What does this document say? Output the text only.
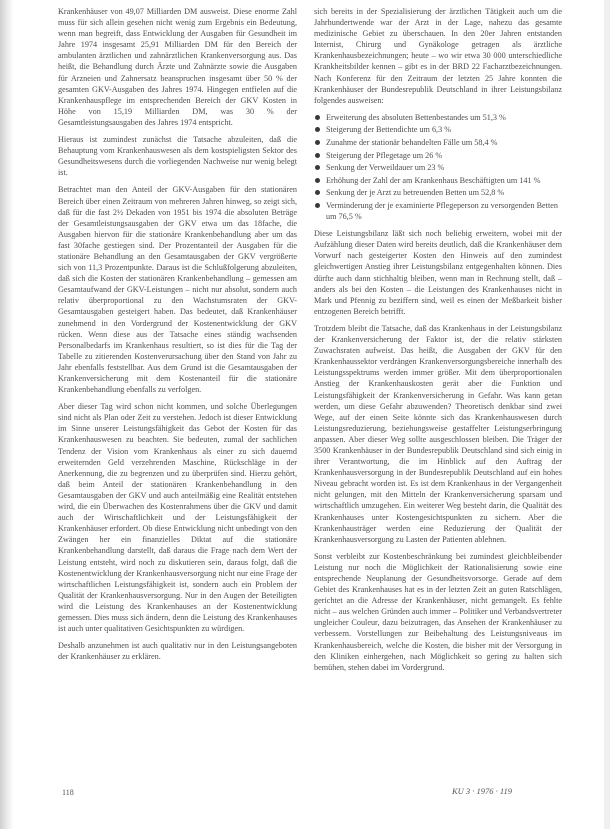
Krankenhäuser von 49,07 Milliarden DM ausweist. Diese enorme Zahl muss für sich allein gesehen nicht wenig zum Ergebnis ein Bedeutung, wenn man begreift, dass Entwicklung der Ausgaben für Gesundheit im Jahre 1974 insgesamt 25,91 Milliarden DM für den Bereich der ambulanten ärztlichen und zahnärztlichen Krankenversorgung aus. Das heißt, die Behandlung durch Ärzte und Zahnärzte sowie die Ausgaben für Arzneien und Zahnersatz beanspruchen insgesamt über 50 % der gesamten GKV-Ausgaben des Jahres 1974. Hingegen entfielen auf die Krankenhauspflege im entsprechenden Bereich der GKV Kosten in Höhe von 15,19 Milliarden DM, was 30 % der Gesamtleistungsausgaben des Jahres 1974 entspricht.

Hieraus ist zumindest zunächst die Tatsache abzuleiten, daß die Behauptung vom Krankenhauswesen als dem kostspieligsten Sektor des Gesundheitswesens durch die vorliegenden Nachweise nur wenig belegt ist.

Betrachtet man den Anteil der GKV-Ausgaben für den stationären Bereich über einen Zeitraum von mehreren Jahren hinweg, so zeigt sich, daß für die fast 2½ Dekaden von 1951 bis 1974 die absoluten Beträge der Gesamtleistungsausgaben der GKV etwa um das 18fache, die Ausgaben hiervon für die stationäre Krankenbehandlung aber um das fast 30fache gestiegen sind. Der Prozentanteil der Ausgaben für die stationäre Behandlung an den Gesamtausgaben der GKV vergrößerte sich von 11,3 Prozentpunkte. Daraus ist die Schlußfolgerung abzuleiten, daß sich die Kosten der stationären Krankenbehandlung – gemessen am Gesamtaufwand der GKV-Leistungen – nicht nur absolut, sondern auch relativ überproportional zu den Wachstumsraten der GKV-Gesamtausgaben gesteigert haben. Das bedeutet, daß Krankenhäuser zunehmend in den Vordergrund der Kostenentwicklung der GKV rücken. Wenn diese aus der Tatsache eines ständig wachsenden Personalbedarfs im Krankenhaus resultiert, so ist dies für die Tag der Tabelle zu zitierenden Kostenverursachung über den Stand von Jahr zu Jahr ebenfalls feststellbar. Aus dem Grund ist die Gesamtausgaben der Krankenversicherung mit dem Kostenanteil für die stationäre Krankenbehandlung ebenfalls zu verfolgen.

Aber dieser Tag wird schon nicht kommen, und solche Überlegungen sind nicht als Plan oder Zeit zu verstehen. Jedoch ist dieser Entwicklung im Sinne unserer Leistungsfähigkeit das Gebot der Kosten für das Krankenhauswesen zu beachten. Sie bedeuten, zumal der sachlichen Tendenz der Vision vom Krankenhaus als einer zu sich dauernd erweiternden Geld verzehrenden Maschine, Rückschläge in der Anerkennung, die zu begrenzen und zu überprüfen sind. Hierzu gehört, daß beim Anteil der stationären Krankenbehandlung in den Gesamtausgaben der GKV und auch anteilmäßig eine Realität entstehen wird, die ein Überwachen des Kostenrahmens über die GKV und damit auch der Wirtschaftlichkeit und der Leistungsfähigkeit der Krankenhäuser erfordert. Ob diese Entwicklung nicht unbedingt von den Zwängen her ein finanzielles Diktat auf die stationäre Krankenbehandlung darstellt, daß daraus die Frage nach dem Wert der Leistung entsteht, wird noch zu diskutieren sein, daraus folgt, daß die Kostenentwicklung der Krankenhausversorgung nicht nur eine Frage der wirtschaftlichen Leistungsfähigkeit ist, sondern auch ein Problem der Qualität der Krankenhausversorgung. Nur in den Augen der Beteiligten wird die Leistung des Krankenhauses an der Kostenentwicklung gemessen. Dies muss sich ändern, denn die Leistung des Krankenhauses ist auch unter qualitativen Gesichtspunkten zu würdigen.

Deshalb anzunehmen ist auch qualitativ nur in den Leistungsangeboten der Krankenhäuser zu erklären.

sich bereits in der Spezialisierung der ärztlichen Tätigkeit auch um die Jahrhundertwende war der Arzt in der Lage, nahezu das gesamte medizinische Gebiet zu überschauen. In den 20er Jahren entstanden Internist, Chirurg und Gynäkologe getragen als ärztliche Krankenhausbezeichnungen; heute – wo wir etwa 30 000 unterschiedliche Krankheitsbilder kennen – gibt es in der BRD 22 Facharztbezeichnungen. Nach Konferenz für den Zeitraum der letzten 25 Jahre konnten die Krankenhäuser der Bundesrepublik Deutschland in ihrer Leistungsbilanz folgendes ausweisen:

Erweiterung des absoluten Bettenbestandes um 51,3 %
Steigerung der Bettendichte um 6,3 %
Zunahme der stationär behandelten Fälle um 58,4 %
Steigerung der Pflegetage um 26 %
Senkung der Verweildauer um 23 %
Erhöhung der Zahl der am Krankenhaus Beschäftigten um 141 %
Senkung der je Arzt zu betreuenden Betten um 52,8 %
Verminderung der je examinierte Pflegeperson zu versorgenden Betten um 76,5 %

Diese Leistungsbilanz läßt sich noch beliebig erweitern, wobei mit der Aufzählung dieser Daten wird bereits deutlich, daß die Krankenhäuser dem Vorwurf nach gesteigerter Kosten den Hinweis auf den zumindest gleichwertigen Anstieg ihrer Leistungsbilanz entgegenhalten können. Dies dürfte auch dann stichhaltig bleiben, wenn man in Rechnung stellt, daß – anders als bei den Kosten – die Leistungen des Krankenhauses nicht in Mark und Pfennig zu beziffern sind, weil es einen der Meßbarkeit bisher entzogenen Bereich betrifft.

Trotzdem bleibt die Tatsache, daß das Krankenhaus in der Leistungsbilanz der Krankenversicherung der Faktor ist, der die relativ stärksten Zuwachsraten aufweist. Das heißt, die Ausgaben der GKV für den Krankenhaussektor verdrängen Krankenversorgungsbereiche innerhalb des Leistungsspektrums werden immer größer. Mit dem überproportionalen Anstieg der Krankenhauskosten gerät aber die Funktion und Leistungsfähigkeit der Krankenversicherung in Gefahr. Was kann getan werden, um diese Gefahr abzuwenden? Theoretisch denkbar sind zwei Wege, auf der einen Seite könnte sich das Krankenhauswesen durch Leistungsreduzierung, beziehungsweise gestaffelter Leistungserbringung anpassen. Aber dieser Weg sollte ausgeschlossen bleiben. Die Träger der 3500 Krankenhäuser in der Bundesrepublik Deutschland sind sich einig in ihrer Verantwortung, die im Hinblick auf den Auftrag der Krankenhausversorgung in der Bundesrepublik Deutschland auf ein hohes Niveau gebracht worden ist. Es ist dem Krankenhaus in der Vergangenheit nicht gelungen, mit den Mitteln der Krankenversicherung sparsam und wirtschaftlich umzugehen. Ein weiterer Weg besteht darin, die Qualität des Krankenhauses unter Kostengesichtspunkten zu sichern. Aber die Krankenhausträger werden eine Reduzierung der Qualität der Krankenhausversorgung zu Lasten der Patienten ablehnen.

Sonst verbleibt zur Kostenbeschränkung bei zumindest gleichbleibender Leistung nur noch die Möglichkeit der Rationalisierung sowie eine entsprechende Neuplanung der Gesundheitsvorsorge. Gerade auf dem Gebiet des Krankenhauses hat es in der letzten Zeit an guten Ratschlägen, gerichtet an die Adresse der Krankenhäuser, nicht gemangelt. Es fehlte nicht – aus welchen Gründen auch immer – Politiker und Verbandsvertreter ungleicher Couleur, dazu beizutragen, das Ansehen der Krankenhäuser zu verbessern. Vorstellungen zur Beibehaltung des Leistungsniveaus im Krankenhausbereich, welche die Kosten, die bisher mit der Versorgung in den Kliniken einhergehen, nach Möglichkeit so gering zu halten sich bemühen, stehen dabei im Vordergrund.

118	KU 3 · 1976 · 119
